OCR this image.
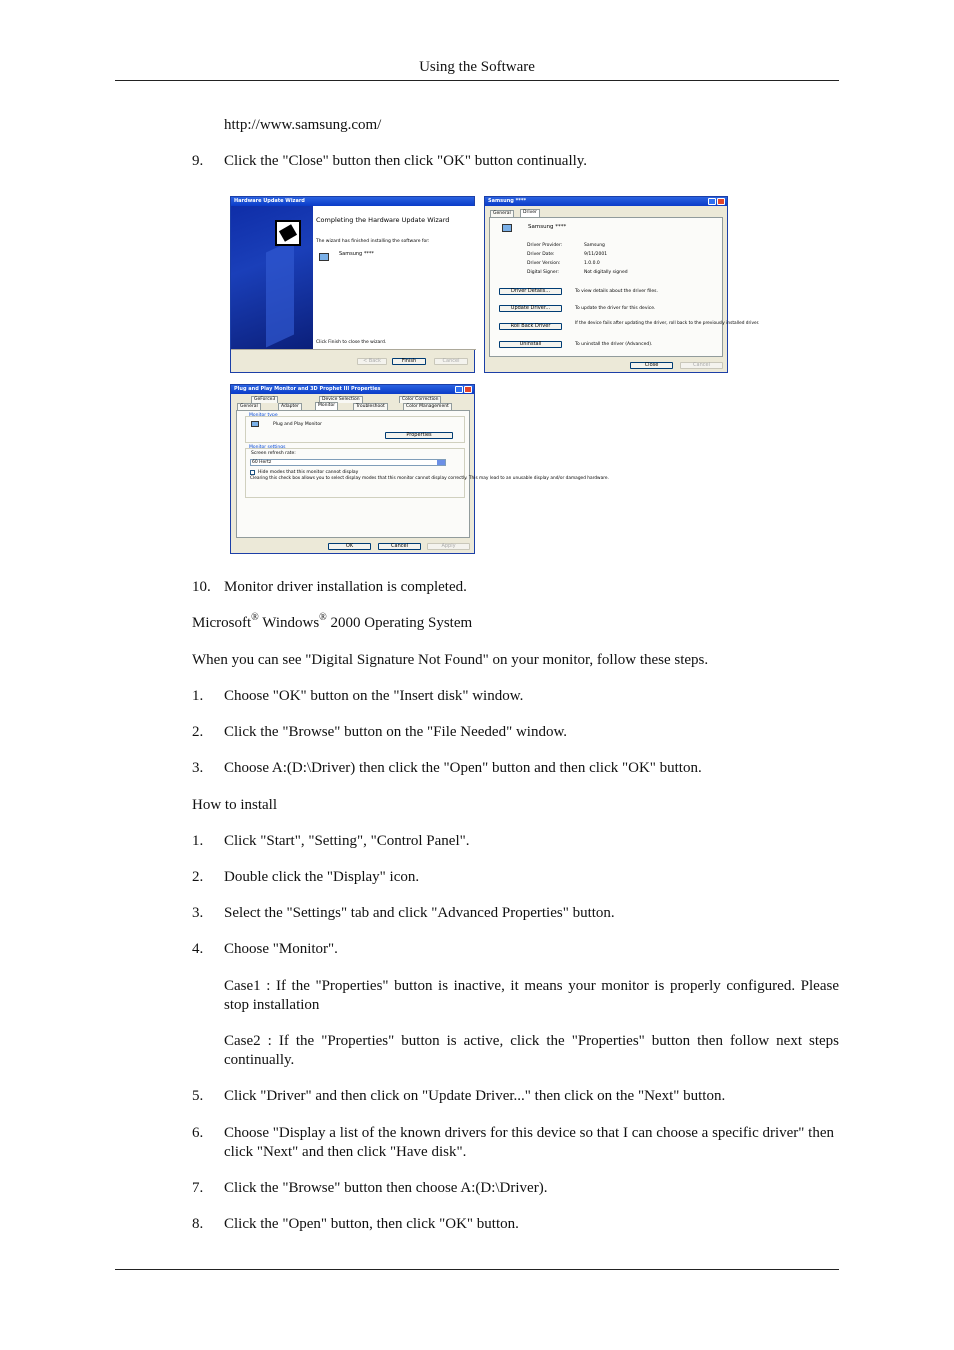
Using the Software
http://www.samsung.com/
9. Click the "Close" button then click "OK" button continually.
Hardware Update Wizard
Completing the Hardware Update Wizard
The wizard has finished installing the software for:
Samsung ****
Click Finish to close the wizard.
< Back	Finish	Cancel
Samsung ****
General	Driver
Samsung ****
Driver Provider:	Samsung
Driver Date:	9/11/2001
Driver Version:	1.0.0.0
Digital Signer:	Not digitally signed
Driver Details...	To view details about the driver files.
Update Driver...	To update the driver for this device.
Roll Back Driver	If the device fails after updating the driver, roll back to the previously installed driver.
Uninstall	To uninstall the driver (Advanced).
Close	Cancel
Plug and Play Monitor and 3D Prophet III Properties
GeForce3	Device Selection	Color Correction
General	Adapter	Monitor	Troubleshoot	Color Management
Monitor type
Plug and Play Monitor
Properties
Monitor settings
Screen refresh rate:
60 Hertz
Hide modes that this monitor cannot display
Clearing this check box allows you to select display modes that this monitor cannot display correctly. This may lead to an unusable display and/or damaged hardware.
OK	Cancel	Apply
10. Monitor driver installation is completed.
Microsoft® Windows® 2000 Operating System
When you can see "Digital Signature Not Found" on your monitor, follow these steps.
1. Choose "OK" button on the "Insert disk" window.
2. Click the "Browse" button on the "File Needed" window.
3. Choose A:(D:\Driver) then click the "Open" button and then click "OK" button.
How to install
1. Click "Start", "Setting", "Control Panel".
2. Double click the "Display" icon.
3. Select the "Settings" tab and click "Advanced Properties" button.
4. Choose "Monitor".
Case1 : If the "Properties" button is inactive, it means your monitor is properly configured. Please stop installation
Case2 : If the "Properties" button is active, click the "Properties" button then follow next steps continually.
5. Click "Driver" and then click on "Update Driver..." then click on the "Next" button.
6. Choose "Display a list of the known drivers for this device so that I can choose a specific driver" then click "Next" and then click "Have disk".
7. Click the "Browse" button then choose A:(D:\Driver).
8. Click the "Open" button, then click "OK" button.
